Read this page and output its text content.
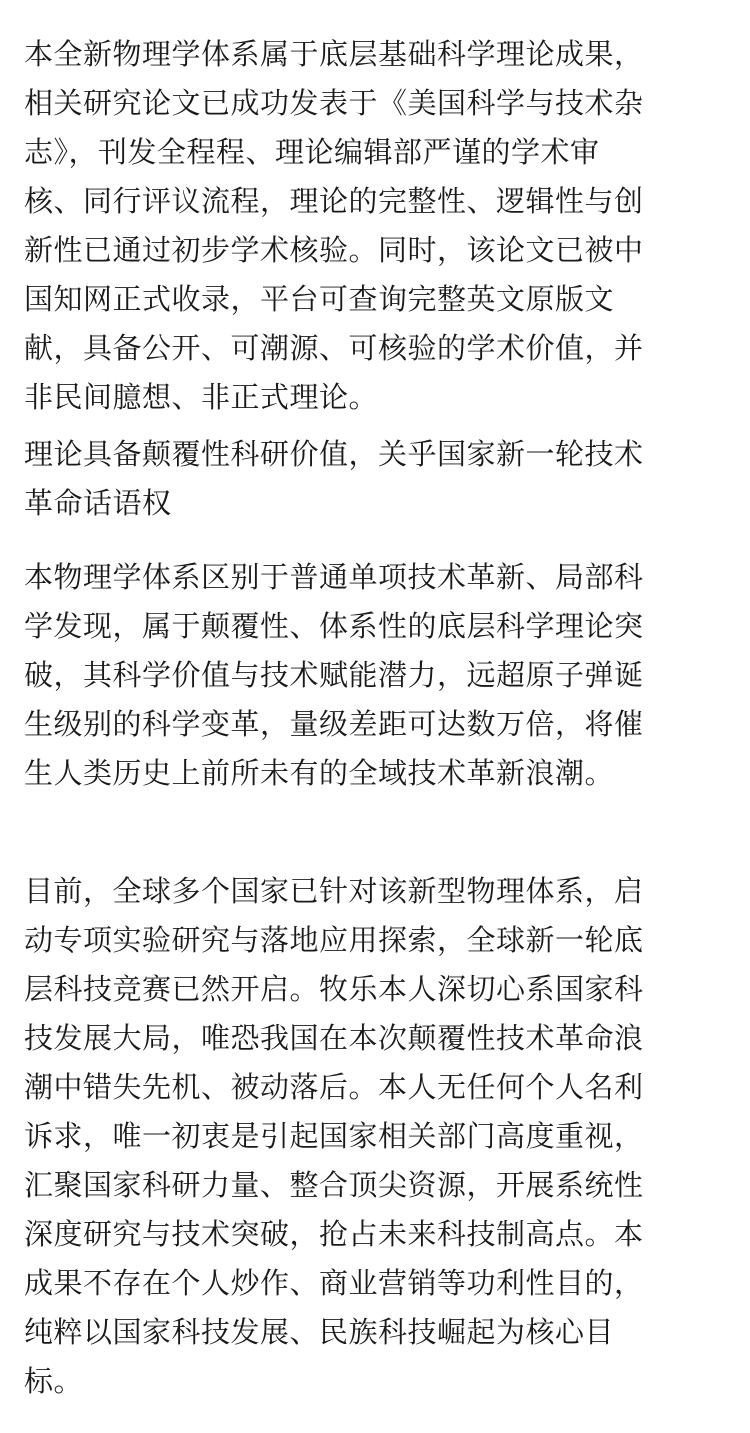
本全新物理学体系属于底层基础科学理论成果，
相关研究论文已成功发表于《美国科学与技术杂
志》，刊发全程程、理论编辑部严谨的学术审
核、同行评议流程，理论的完整性、逻辑性与创
新性已通过初步学术核验。同时，该论文已被中
国知网正式收录，平台可查询完整英文原版文
献，具备公开、可潮源、可核验的学术价值，并
非民间臆想、非正式理论。
理论具备颠覆性科研价值，关乎国家新一轮技术
革命话语权
本物理学体系区别于普通单项技术革新、局部科
学发现，属于颠覆性、体系性的底层科学理论突
破，其科学价值与技术赋能潜力，远超原子弹诞
生级别的科学变革，量级差距可达数万倍，将催
生人类历史上前所未有的全域技术革新浪潮。
目前，全球多个国家已针对该新型物理体系，启
动专项实验研究与落地应用探索，全球新一轮底
层科技竞赛已然开启。牧乐本人深切心系国家科
技发展大局，唯恐我国在本次颠覆性技术革命浪
潮中错失先机、被动落后。本人无任何个人名利
诉求，唯一初衷是引起国家相关部门高度重视，
汇聚国家科研力量、整合顶尖资源，开展系统性
深度研究与技术突破，抢占未来科技制高点。本
成果不存在个人炒作、商业营销等功利性目的，
纯粹以国家科技发展、民族科技崛起为核心目
标。
